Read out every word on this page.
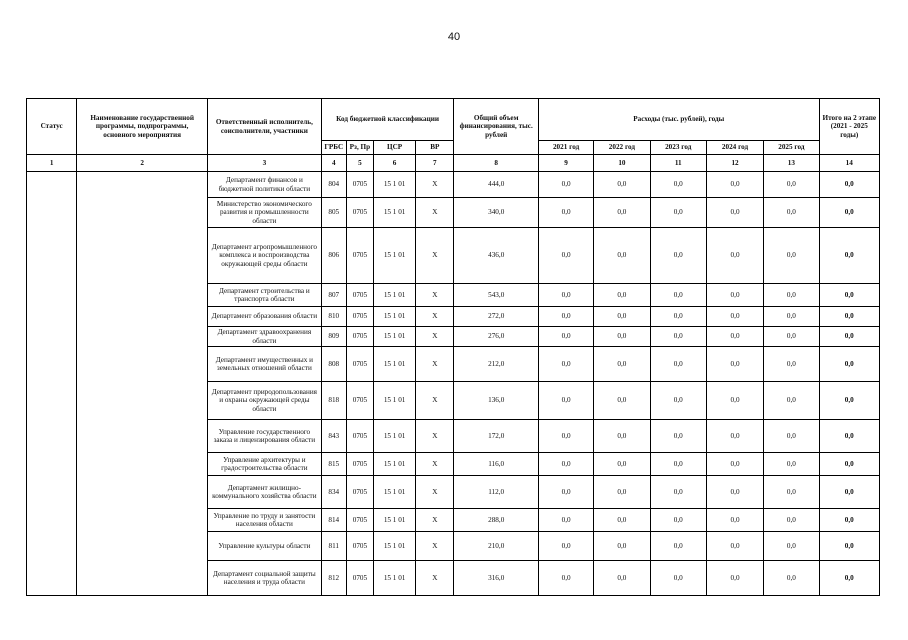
40
Статус	Наименование государственной программы, подпрограммы, основного мероприятия	Ответственный исполнитель, соисполнители, участники	Код бюджетной классификации				Общий объем финансирования, тыс. рублей	Расходы (тыс. рублей), годы					Итого на 2 этапе (2021 - 2025 годы)
			ГРБС	Рз, Пр	ЦСР	ВР		2021 год	2022 год	2023 год	2024 год	2025 год	
1	2	3	4	5	6	7	8	9	10	11	12	13	14
		Департамент финансов и бюджетной политики области	804	0705	15 1 01	X	444,0	0,0	0,0	0,0	0,0	0,0	0,0
		Министерство экономического развития и промышленности области	805	0705	15 1 01	X	340,0	0,0	0,0	0,0	0,0	0,0	0,0
		Департамент агропромышленного комплекса и воспроизводства окружающей среды области	806	0705	15 1 01	X	436,0	0,0	0,0	0,0	0,0	0,0	0,0
		Департамент строительства и транспорта области	807	0705	15 1 01	X	543,0	0,0	0,0	0,0	0,0	0,0	0,0
		Департамент образования области	810	0705	15 1 01	X	272,0	0,0	0,0	0,0	0,0	0,0	0,0
		Департамент здравоохранения области	809	0705	15 1 01	X	276,0	0,0	0,0	0,0	0,0	0,0	0,0
		Департамент имущественных и земельных отношений области	808	0705	15 1 01	X	212,0	0,0	0,0	0,0	0,0	0,0	0,0
		Департамент природопользования и охраны окружающей среды области	818	0705	15 1 01	X	136,0	0,0	0,0	0,0	0,0	0,0	0,0
		Управление государственного заказа и лицензирования области	843	0705	15 1 01	X	172,0	0,0	0,0	0,0	0,0	0,0	0,0
		Управление архитектуры и градостроительства области	815	0705	15 1 01	X	116,0	0,0	0,0	0,0	0,0	0,0	0,0
		Департамент жилищно-коммунального хозяйства области	834	0705	15 1 01	X	112,0	0,0	0,0	0,0	0,0	0,0	0,0
		Управление по труду и занятости населения области	814	0705	15 1 01	X	288,0	0,0	0,0	0,0	0,0	0,0	0,0
		Управление культуры области	811	0705	15 1 01	X	210,0	0,0	0,0	0,0	0,0	0,0	0,0
		Департамент социальной защиты населения и труда области	812	0705	15 1 01	X	316,0	0,0	0,0	0,0	0,0	0,0	0,0
